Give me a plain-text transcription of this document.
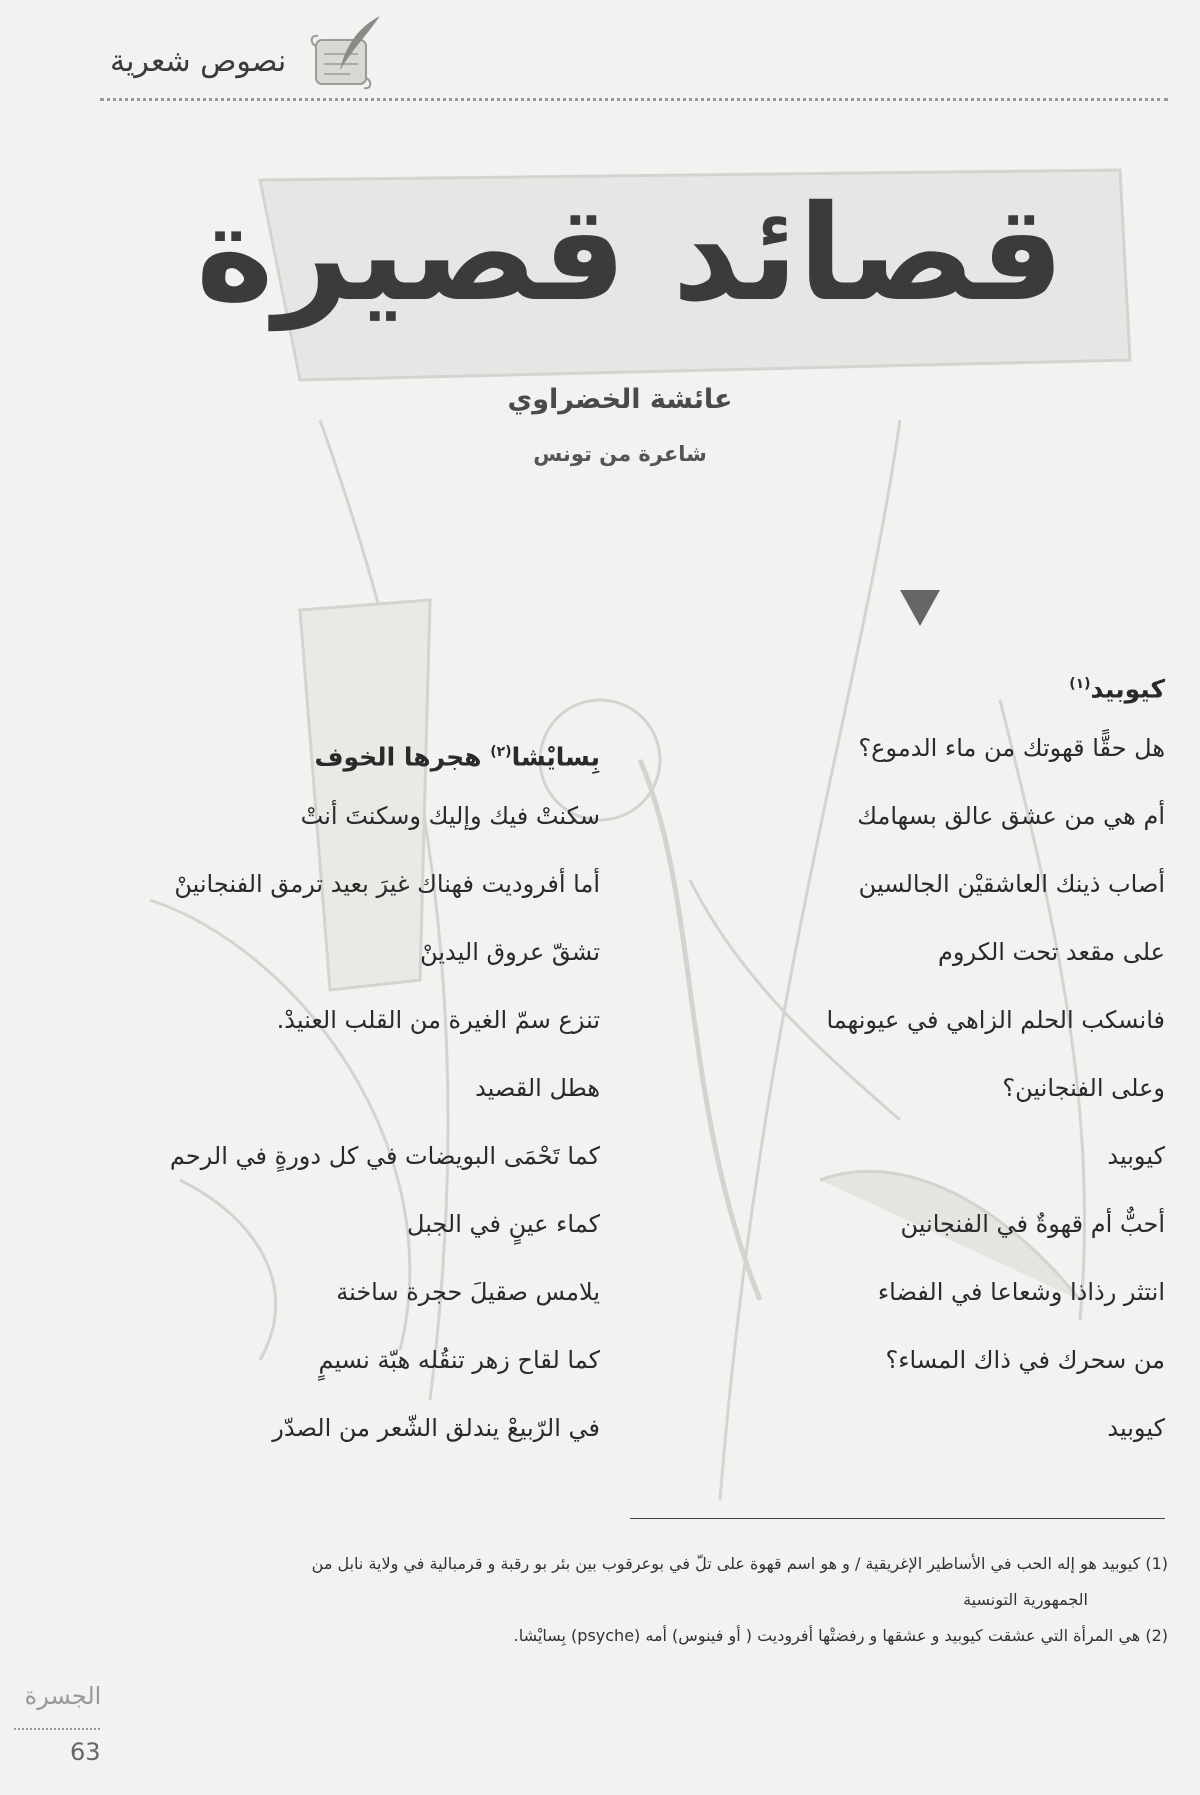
نصوص شعرية
قصائد قصيرة
عائشة الخضراوي
شاعرة من تونس
كيوبيد$^{(١)}$
هل حقًّا قهوتك من ماء الدموع؟
أم هي من عشق عالق بسهامك
أصاب ذينك العاشقيْن الجالسين
على مقعد تحت الكروم
فانسكب الحلم الزاهي في عيونهما
وعلى الفنجانين؟
كيوبيد
أحبٌّ أم قهوةٌ في الفنجانين
انتثر رذاذا وشعاعا في الفضاء
من سحرك في ذاك المساء؟
كيوبيد
بِسايْشا$^{(٢)}$ هجرها الخوف
سكنتْ فيك وإليك وسكنتَ أنتْ
أما أفروديت فهناك غيرَ بعيد ترمق الفنجانينْ
تشقّ عروق اليدينْ
تنزع سمّ الغيرة من القلب العنيدْ.
هطل القصيد
كما تَحْمَى البويضات في كل دورةٍ في الرحم
كماء عينٍ في الجبل
يلامس صقيلَ حجرة ساخنة
كما لقاح زهر تنقُله هبّة نسيمٍ
في الرّبيعْ يندلق الشّعر من الصدّر
(1) كيوبيد هو إله الحب في الأساطير الإغريقية / و هو اسم قهوة على تلّ في بوعرقوب بين بئر بو رقبة و قرمبالية في ولاية نابل من
الجمهورية التونسية
(2) هي المرأة التي عشقت كيوبيد و عشقها و رفضتْها أفروديت ( أو فينوس) أمه (psyche) بِسايْشا.
الجسرة
63
